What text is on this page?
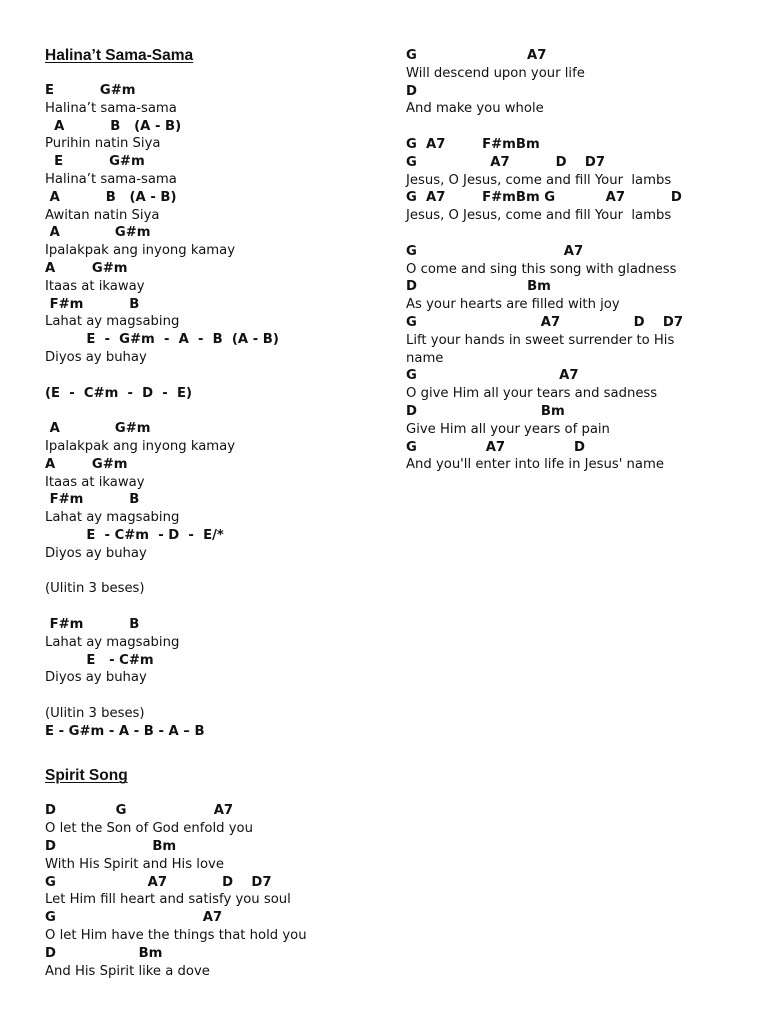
Halina’t Sama-Sama
E          G#m
Halina’t sama-sama
A          B   (A - B)
Purihin natin Siya
E          G#m
Halina’t sama-sama
A          B   (A - B)
Awitan natin Siya
A            G#m
Ipalakpak ang inyong kamay
A        G#m
Itaas at ikaway
F#m          B
Lahat ay magsabing
E  -  G#m  -  A  -  B  (A - B)
Diyos ay buhay
(E  -  C#m  -  D  -  E)
A            G#m
Ipalakpak ang inyong kamay
A        G#m
Itaas at ikaway
F#m          B
Lahat ay magsabing
E  - C#m  - D  -  E/*
Diyos ay buhay
(Ulitin 3 beses)
F#m          B
Lahat ay magsabing
E   - C#m
Diyos ay buhay
(Ulitin 3 beses)
E - G#m - A - B - A – B
Spirit Song
D             G                   A7
O let the Son of God enfold you
D                     Bm
With His Spirit and His love
G                    A7            D    D7
Let Him fill heart and satisfy you soul
G                                A7
O let Him have the things that hold you
D                  Bm
And His Spirit like a dove
G                        A7
Will descend upon your life
D
And make you whole
G  A7        F#mBm
G                A7          D    D7
Jesus, O Jesus, come and fill Your  lambs
G  A7        F#mBm G           A7          D
Jesus, O Jesus, come and fill Your  lambs
G                                A7
O come and sing this song with gladness
D                        Bm
As your hearts are filled with joy
G                           A7                D    D7
Lift your hands in sweet surrender to His
name
G                               A7
O give Him all your tears and sadness
D                           Bm
Give Him all your years of pain
G               A7               D
And you'll enter into life in Jesus' name
